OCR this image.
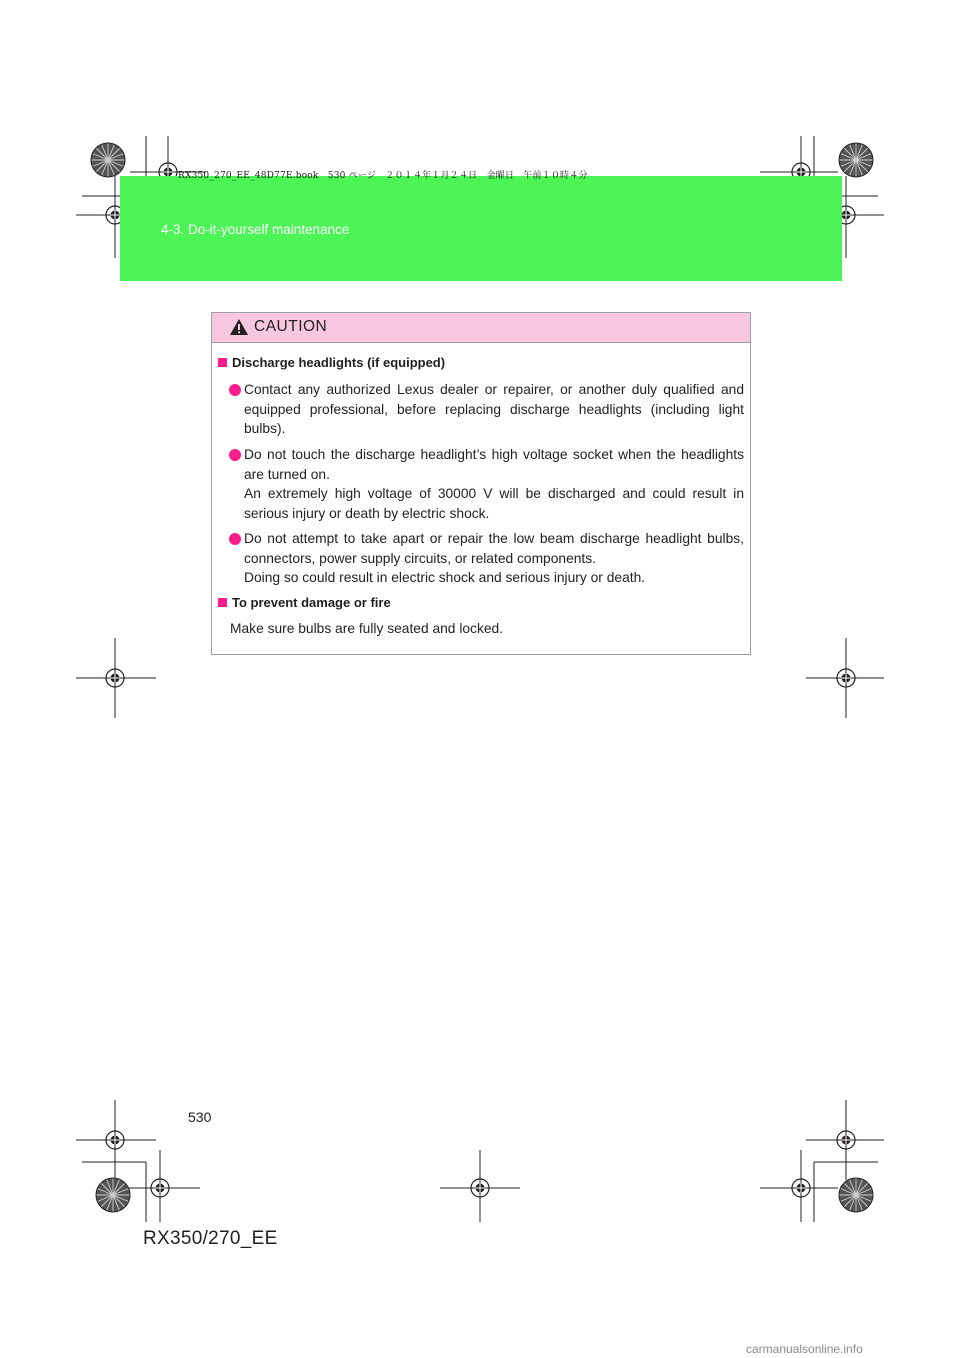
RX350_270_EE_48D77E.book　530 ページ　２０１４年１月２４日　金曜日　午前１０時４分
4-3. Do-it-yourself maintenance
CAUTION
Discharge headlights (if equipped)

Contact any authorized Lexus dealer or repairer, or another duly qualified and equipped professional, before replacing discharge headlights (including light bulbs).

Do not touch the discharge headlight’s high voltage socket when the headlights are turned on.

An extremely high voltage of 30000 V will be discharged and could result in serious injury or death by electric shock.

Do not attempt to take apart or repair the low beam discharge headlight bulbs, connectors, power supply circuits, or related components.

Doing so could result in electric shock and serious injury or death.

To prevent damage or fire
Make sure bulbs are fully seated and locked.
530
RX350/270_EE
carmanualsonline.info
